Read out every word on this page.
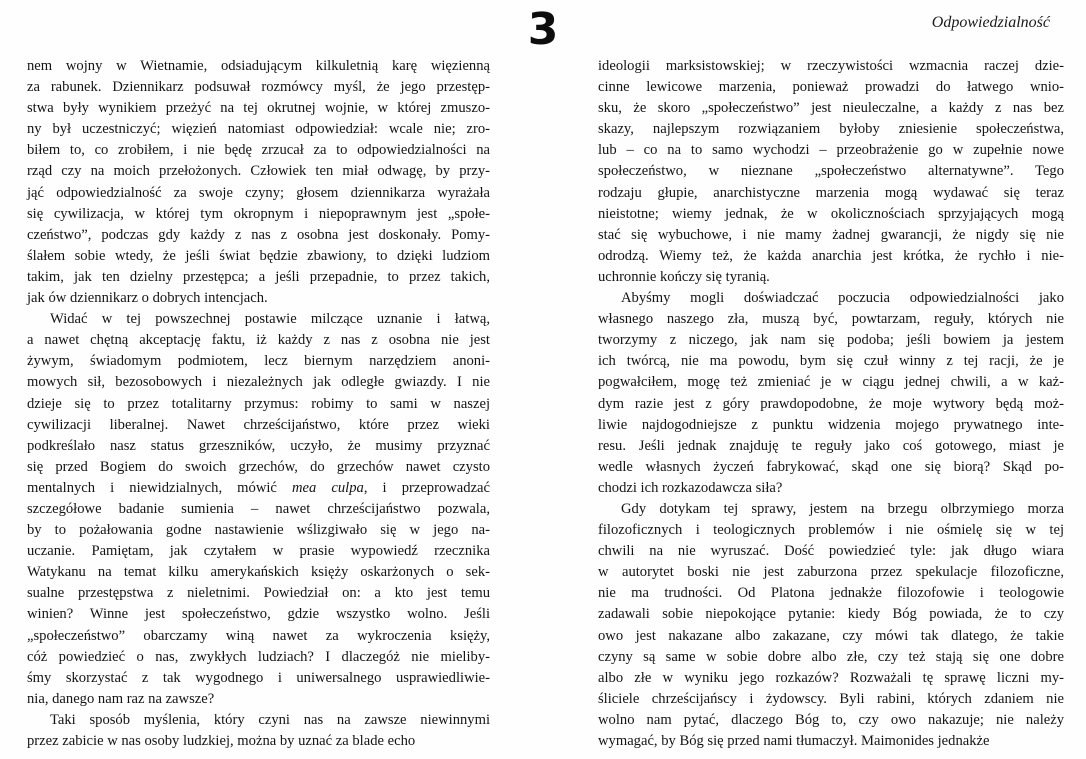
3	Odpowiedzialność
nem wojny w Wietnamie, odsiadującym kilkuletnią karę więzienną
za rabunek. Dziennikarz podsuwał rozmówcy myśl, że jego przestęp-
stwa były wynikiem przeżyć na tej okrutnej wojnie, w której zmuszo-
ny był uczestniczyć; więzień natomiast odpowiedział: wcale nie; zro-
biłem to, co zrobiłem, i nie będę zrzucał za to odpowiedzialności na
rząd czy na moich przełożonych. Człowiek ten miał odwagę, by przy-
jąć odpowiedzialność za swoje czyny; głosem dziennikarza wyrażała
się cywilizacja, w której tym okropnym i niepoprawnym jest „społe-
czeństwo”, podczas gdy każdy z nas z osobna jest doskonały. Pomy-
ślałem sobie wtedy, że jeśli świat będzie zbawiony, to dzięki ludziom
takim, jak ten dzielny przestępca; a jeśli przepadnie, to przez takich,
jak ów dziennikarz o dobrych intencjach.
Widać w tej powszechnej postawie milczące uznanie i łatwą,
a nawet chętną akceptację faktu, iż każdy z nas z osobna nie jest
żywym, świadomym podmiotem, lecz biernym narzędziem anoni-
mowych sił, bezosobowych i niezależnych jak odległe gwiazdy. I nie
dzieje się to przez totalitarny przymus: robimy to sami w naszej
cywilizacji liberalnej. Nawet chrześcijaństwo, które przez wieki
podkreślało nasz status grzeszników, uczyło, że musimy przyznać
się przed Bogiem do swoich grzechów, do grzechów nawet czysto
mentalnych i niewidzialnych, mówić mea culpa, i przeprowadzać
szczegółowe badanie sumienia – nawet chrześcijaństwo pozwala,
by to pożałowania godne nastawienie wślizgiwało się w jego na-
uczanie. Pamiętam, jak czytałem w prasie wypowiedź rzecznika
Watykanu na temat kilku amerykańskich księży oskarżonych o sek-
sualne przestępstwa z nieletnimi. Powiedział on: a kto jest temu
winien? Winne jest społeczeństwo, gdzie wszystko wolno. Jeśli
„społeczeństwo” obarczamy winą nawet za wykroczenia księży,
cóż powiedzieć o nas, zwykłych ludziach? I dlaczegóż nie mieliby-
śmy skorzystać z tak wygodnego i uniwersalnego usprawiedliwie-
nia, danego nam raz na zawsze?
Taki sposób myślenia, który czyni nas na zawsze niewinnymi
przez zabicie w nas osoby ludzkiej, można by uznać za blade echo
ideologii marksistowskiej; w rzeczywistości wzmacnia raczej dzie-
cinne lewicowe marzenia, ponieważ prowadzi do łatwego wnio-
sku, że skoro „społeczeństwo” jest nieuleczalne, a każdy z nas bez
skazy, najlepszym rozwiązaniem byłoby zniesienie społeczeństwa,
lub – co na to samo wychodzi – przeobrażenie go w zupełnie nowe
społeczeństwo, w nieznane „społeczeństwo alternatywne”. Tego
rodzaju głupie, anarchistyczne marzenia mogą wydawać się teraz
nieistotne; wiemy jednak, że w okolicznościach sprzyjających mogą
stać się wybuchowe, i nie mamy żadnej gwarancji, że nigdy się nie
odrodzą. Wiemy też, że każda anarchia jest krótka, że rychło i nie-
uchronnie kończy się tyranią.
Abyśmy mogli doświadczać poczucia odpowiedzialności jako
własnego naszego zła, muszą być, powtarzam, reguły, których nie
tworzymy z niczego, jak nam się podoba; jeśli bowiem ja jestem
ich twórcą, nie ma powodu, bym się czuł winny z tej racji, że je
pogwałciłem, mogę też zmieniać je w ciągu jednej chwili, a w każ-
dym razie jest z góry prawdopodobne, że moje wytwory będą moż-
liwie najdogodniejsze z punktu widzenia mojego prywatnego inte-
resu. Jeśli jednak znajduję te reguły jako coś gotowego, miast je
wedle własnych życzeń fabrykować, skąd one się biorą? Skąd po-
chodzi ich rozkazodawcza siła?
Gdy dotykam tej sprawy, jestem na brzegu olbrzymiego morza
filozoficznych i teologicznych problemów i nie ośmielę się w tej
chwili na nie wyruszać. Dość powiedzieć tyle: jak długo wiara
w autorytet boski nie jest zaburzona przez spekulacje filozoficzne,
nie ma trudności. Od Platona jednakże filozofowie i teologowie
zadawali sobie niepokojące pytanie: kiedy Bóg powiada, że to czy
owo jest nakazane albo zakazane, czy mówi tak dlatego, że takie
czyny są same w sobie dobre albo złe, czy też stają się one dobre
albo złe w wyniku jego rozkazów? Rozważali tę sprawę liczni my-
śliciele chrześcijańscy i żydowscy. Byli rabini, których zdaniem nie
wolno nam pytać, dlaczego Bóg to, czy owo nakazuje; nie należy
wymagać, by Bóg się przed nami tłumaczył. Maimonides jednakże
